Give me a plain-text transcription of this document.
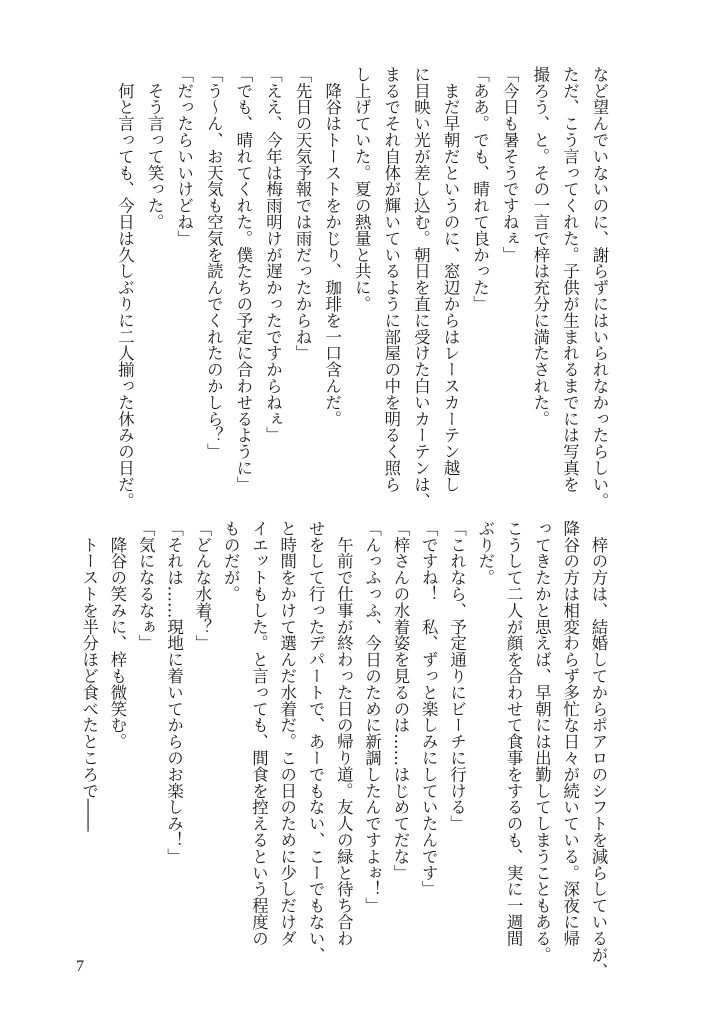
など望んでいないのに、謝らずにはいられなかったらしい。
ただ、こう言ってくれた。子供が生まれるまでには写真を
撮ろう、と。その一言で梓は充分に満たされた。
「今日も暑そうですねぇ」
「ああ。でも、晴れて良かった」
　まだ早朝だというのに、窓辺からはレースカーテン越し
に目映い光が差し込む。朝日を直に受けた白いカーテンは、
まるでそれ自体が輝いているように部屋の中を明るく照ら
し上げていた。夏の熱量と共に。
　降谷はトーストをかじり、珈琲を一口含んだ。
「先日の天気予報では雨だったからね」
「ええ、今年は梅雨明けが遅かったですからねぇ」
「でも、晴れてくれた。僕たちの予定に合わせるように」
「う～ん、お天気も空気を読んでくれたのかしら？」
「だったらいいけどね」
　そう言って笑った。
　何と言っても、今日は久しぶりに二人揃った休みの日だ。
　梓の方は、結婚してからポアロのシフトを減らしているが、
降谷の方は相変わらず多忙な日々が続いている。深夜に帰
ってきたかと思えば、早朝には出勤してしまうこともある。
こうして二人が顔を合わせて食事をするのも、実に一週間
ぶりだ。
「これなら、予定通りにビーチに行ける」
「ですね！　私、ずっと楽しみにしていたんです」
「梓さんの水着姿を見るのは……はじめてだな」
「んっふっふ、今日のために新調したんですよぉ！」
　午前で仕事が終わった日の帰り道。友人の緑と待ち合わ
せをして行ったデパートで、あーでもない、こーでもない、
と時間をかけて選んだ水着だ。この日のために少しだけダ
イエットもした。と言っても、間食を控えるという程度の
ものだが。
「どんな水着？」
「それは……現地に着いてからのお楽しみ！」
「気になるなぁ」
　降谷の笑みに、梓も微笑む。
　トーストを半分ほど食べたところで――
7
